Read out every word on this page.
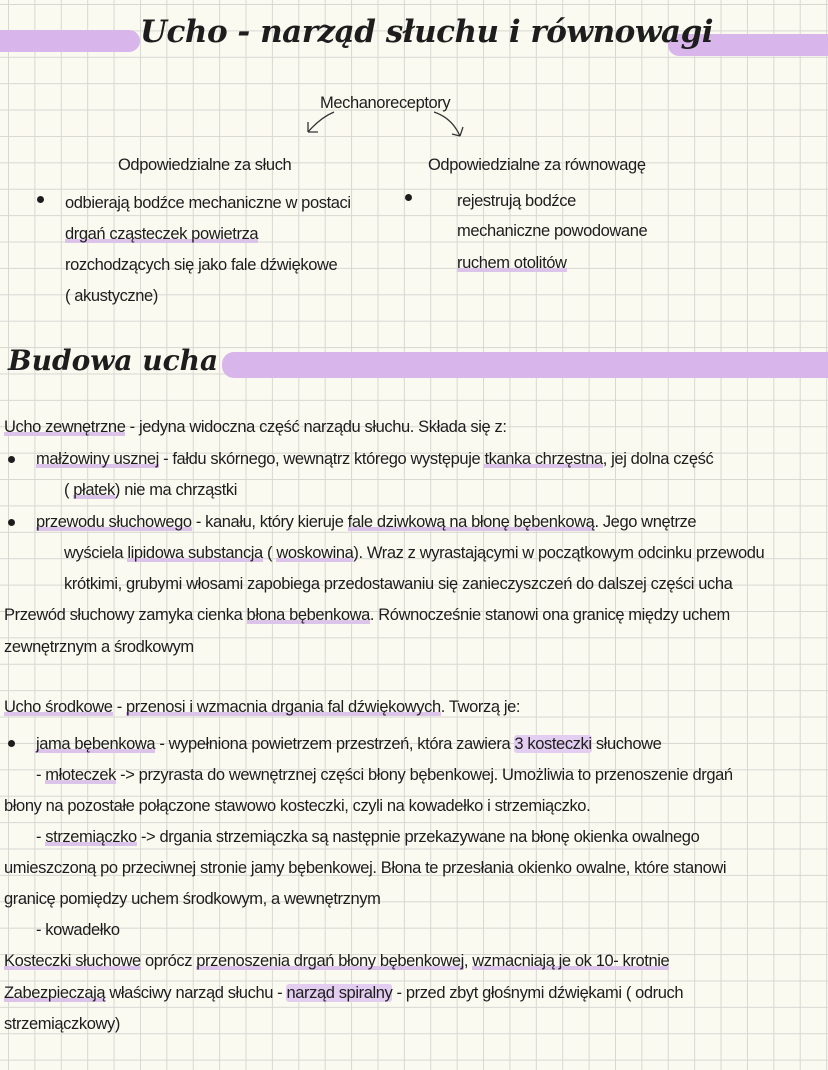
Ucho - narząd słuchu i równowagi
Mechanoreceptory
Odpowiedzialne za słuch	Odpowiedzialne za równowagę
Budowa ucha
odbierają bodźce mechaniczne w postaci
drgań cząsteczek powietrza
rozchodzących się jako fale dźwiękowe
( akustyczne)
rejestrują bodźce
mechaniczne powodowane
ruchem otolitów
Ucho zewnętrzne - jedyna widoczna część narządu słuchu. Składa się z:
małżowiny usznej - fałdu skórnego, wewnątrz którego występuje tkanka chrzęstna, jej dolna część
( płatek) nie ma chrząstki
przewodu słuchowego - kanału, który kieruje fale dziwkową na błonę bębenkową. Jego wnętrze
wyściela lipidowa substancja ( woskowina). Wraz z wyrastającymi w początkowym odcinku przewodu
krótkimi, grubymi włosami zapobiega przedostawaniu się zanieczyszczeń do dalszej części ucha
Przewód słuchowy zamyka cienka błona bębenkowa. Równocześnie stanowi ona granicę między uchem
zewnętrznym a środkowym
Ucho środkowe - przenosi i wzmacnia drgania fal dźwiękowych. Tworzą je:
jama bębenkowa - wypełniona powietrzem przestrzeń, która zawiera 3 kosteczki słuchowe
- młoteczek -> przyrasta do wewnętrznej części błony bębenkowej. Umożliwia to przenoszenie drgań
błony na pozostałe połączone stawowo kosteczki, czyli na kowadełko i strzemiączko.
- strzemiączko -> drgania strzemiączka są następnie przekazywane na błonę okienka owalnego
umieszczoną po przeciwnej stronie jamy bębenkowej. Błona te przesłania okienko owalne, które stanowi
granicę pomiędzy uchem środkowym, a wewnętrznym
- kowadełko
Kosteczki słuchowe oprócz przenoszenia drgań błony bębenkowej, wzmacniają je ok 10- krotnie
Zabezpieczają właściwy narząd słuchu - narząd spiralny - przed zbyt głośnymi dźwiękami ( odruch
strzemiączkowy)
